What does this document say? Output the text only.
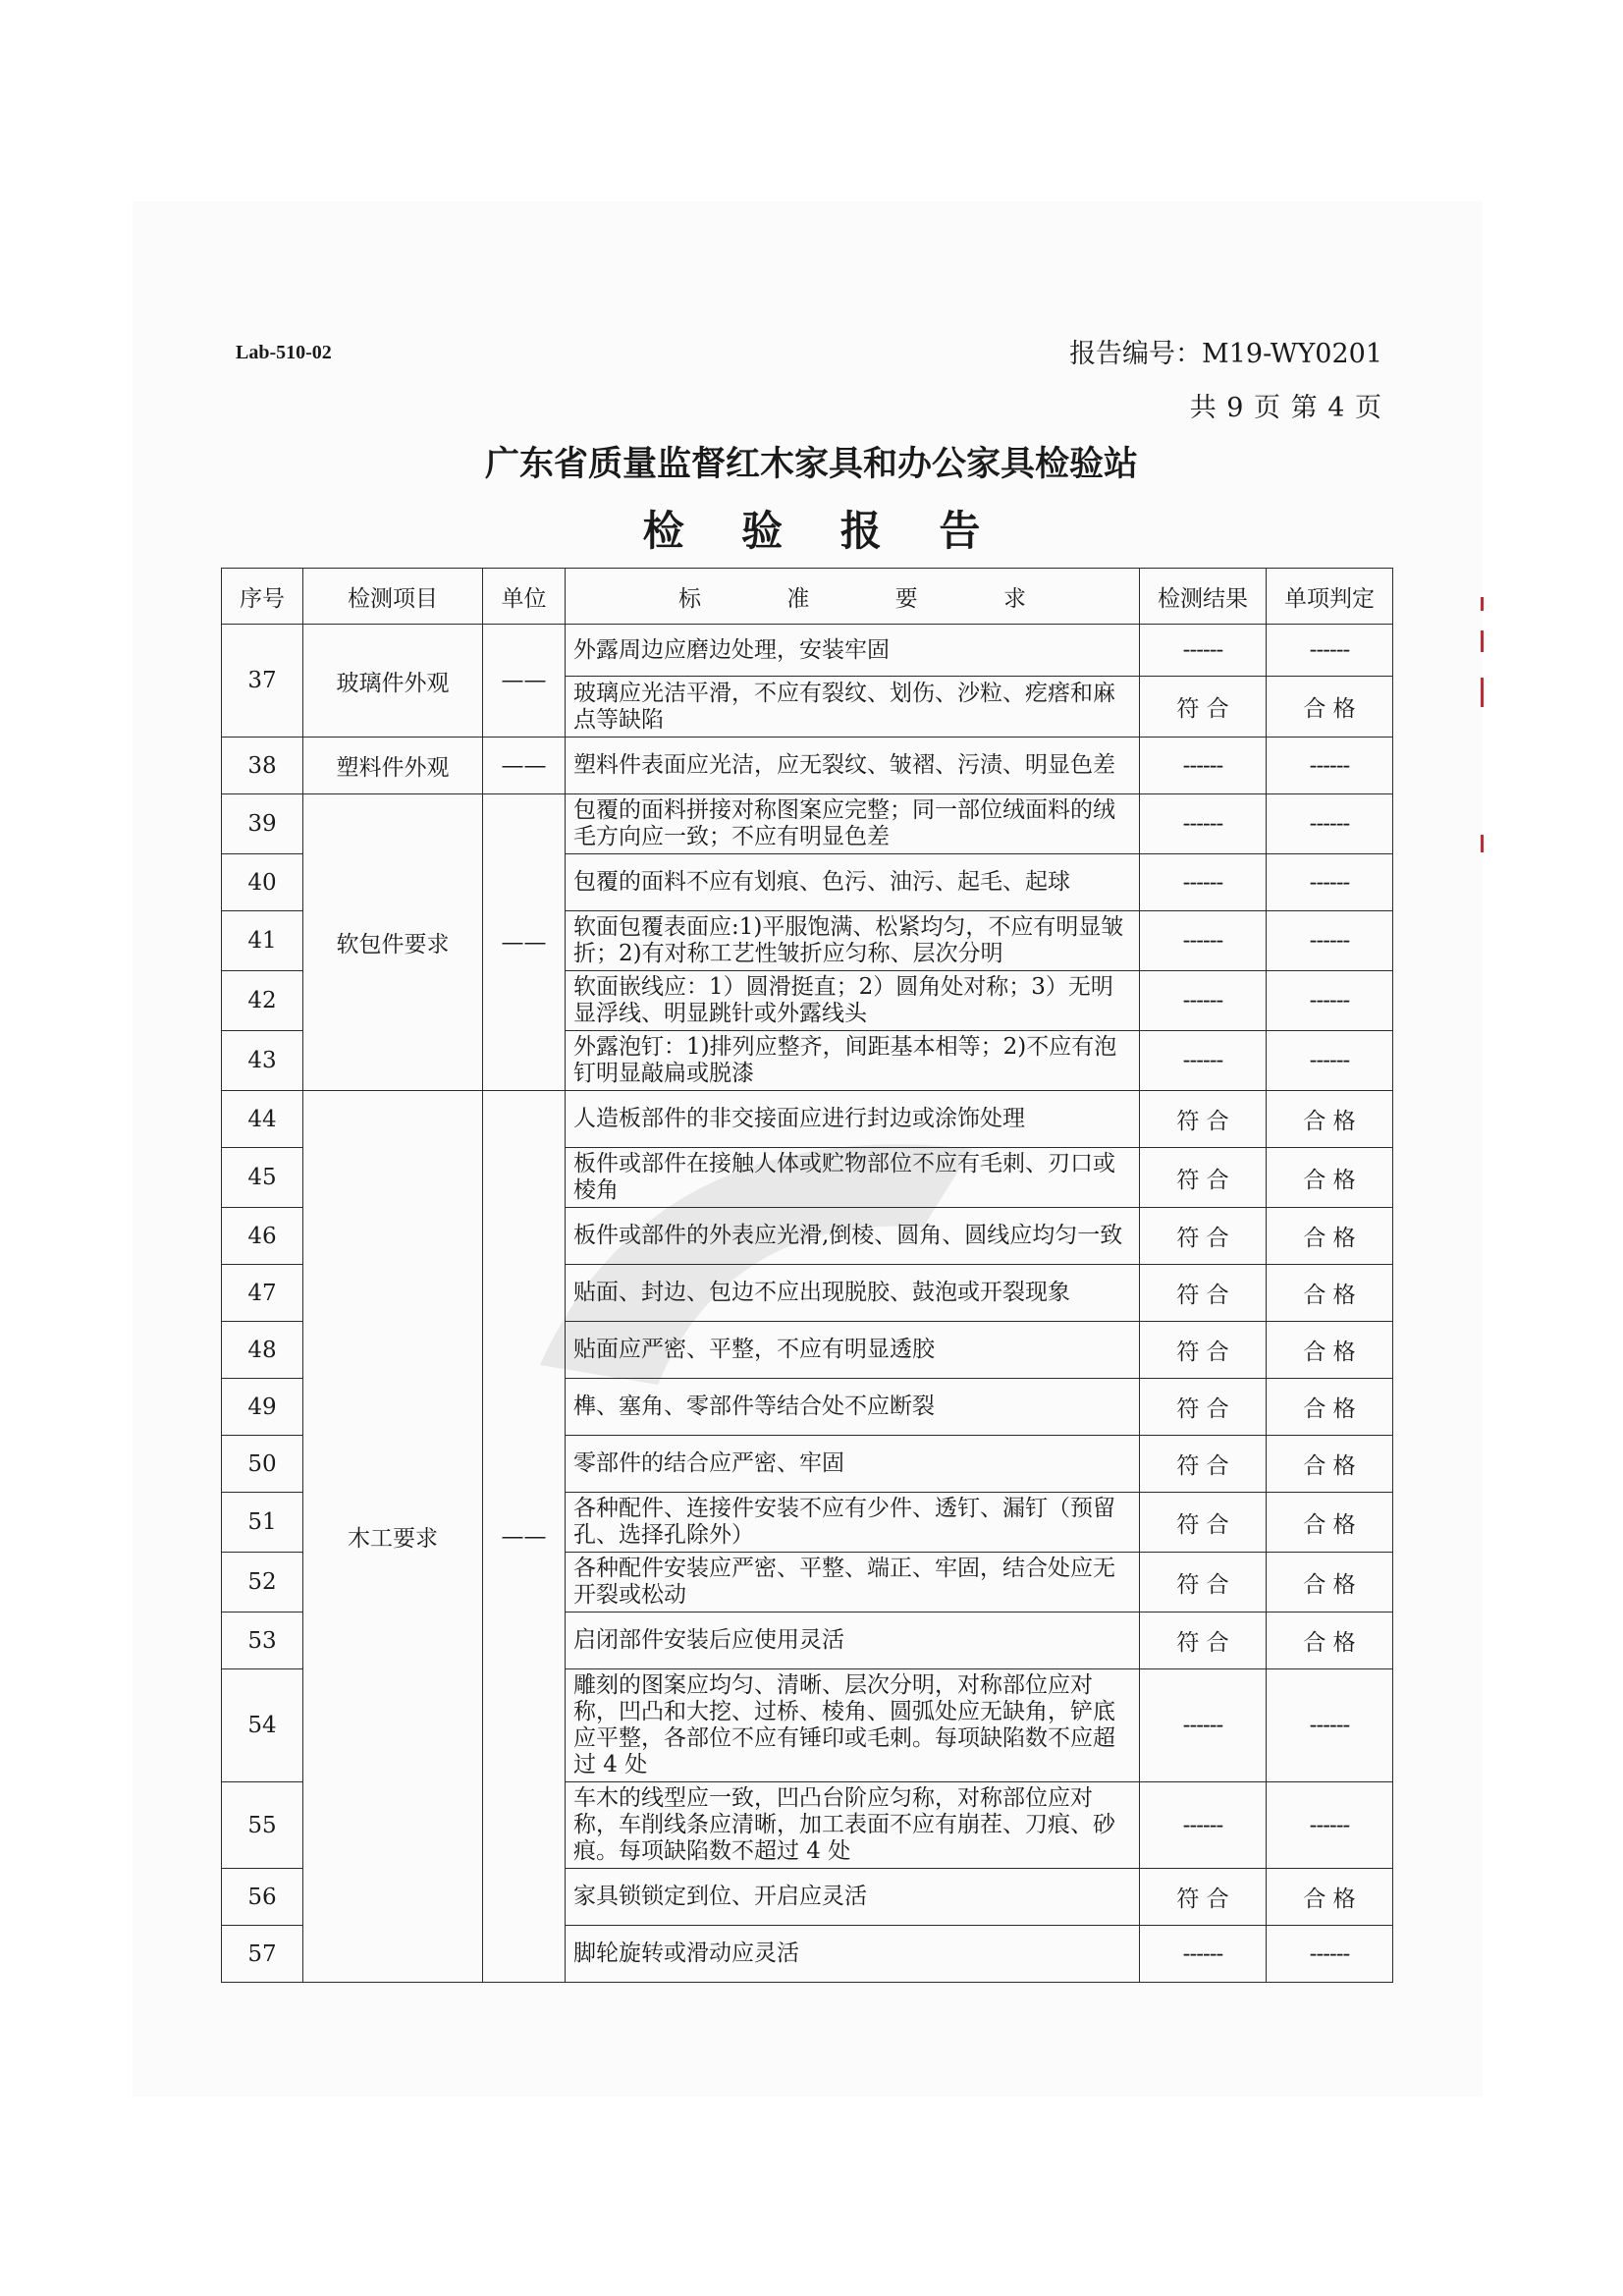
Lab-510-02	报告编号：M19-WY0201
共 9 页 第 4 页
广东省质量监督红木家具和办公家具检验站
检 验 报 告
序号	检测项目	单位	标 准 要 求	检测结果	单项判定
37	玻璃件外观	——	外露周边应磨边处理，安装牢固	------	------
			玻璃应光洁平滑，不应有裂纹、划伤、沙粒、疙瘩和麻点等缺陷	符 合	合 格
38	塑料件外观	——	塑料件表面应光洁，应无裂纹、皱褶、污渍、明显色差	------	------
39	软包件要求	——	包覆的面料拼接对称图案应完整；同一部位绒面料的绒毛方向应一致；不应有明显色差	------	------
40			包覆的面料不应有划痕、色污、油污、起毛、起球	------	------
41			软面包覆表面应:1)平服饱满、松紧均匀，不应有明显皱折；2)有对称工艺性皱折应匀称、层次分明	------	------
42			软面嵌线应：1）圆滑挺直；2）圆角处对称；3）无明显浮线、明显跳针或外露线头	------	------
43			外露泡钉：1)排列应整齐，间距基本相等；2)不应有泡钉明显敲扁或脱漆	------	------
44	木工要求	——	人造板部件的非交接面应进行封边或涂饰处理	符 合	合 格
45			板件或部件在接触人体或贮物部位不应有毛刺、刃口或棱角	符 合	合 格
46			板件或部件的外表应光滑,倒棱、圆角、圆线应均匀一致	符 合	合 格
47			贴面、封边、包边不应出现脱胶、鼓泡或开裂现象	符 合	合 格
48			贴面应严密、平整，不应有明显透胶	符 合	合 格
49			榫、塞角、零部件等结合处不应断裂	符 合	合 格
50			零部件的结合应严密、牢固	符 合	合 格
51			各种配件、连接件安装不应有少件、透钉、漏钉（预留孔、选择孔除外）	符 合	合 格
52			各种配件安装应严密、平整、端正、牢固，结合处应无开裂或松动	符 合	合 格
53			启闭部件安装后应使用灵活	符 合	合 格
54			雕刻的图案应均匀、清晰、层次分明，对称部位应对称，凹凸和大挖、过桥、棱角、圆弧处应无缺角，铲底应平整，各部位不应有锤印或毛刺。每项缺陷数不应超过 4 处	------	------
55			车木的线型应一致，凹凸台阶应匀称，对称部位应对称，车削线条应清晰，加工表面不应有崩茬、刀痕、砂痕。每项缺陷数不超过 4 处	------	------
56			家具锁锁定到位、开启应灵活	符 合	合 格
57			脚轮旋转或滑动应灵活	------	------
